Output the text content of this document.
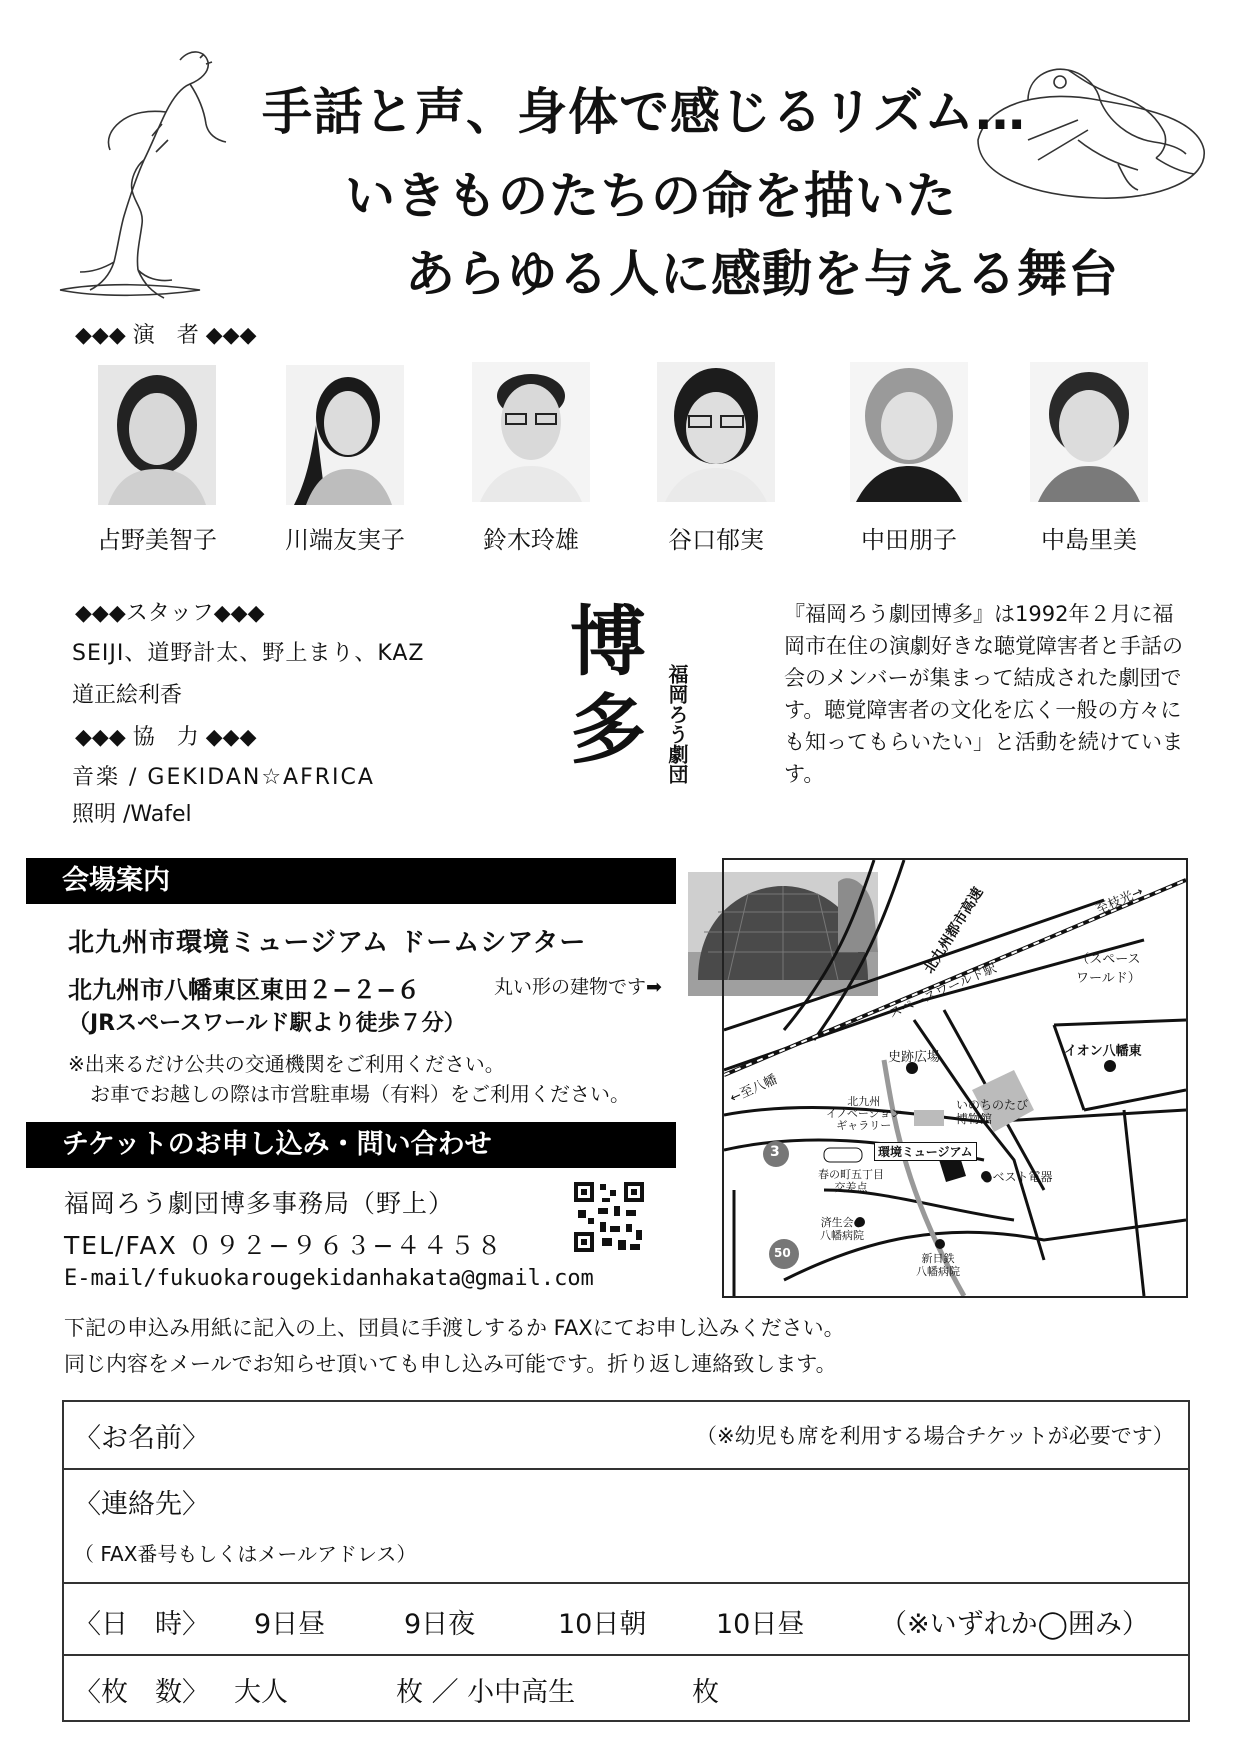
手話と声、身体で感じるリズム…
いきものたちの命を描いた
あらゆる人に感動を与える舞台
◆◆◆ 演　者 ◆◆◆
占野美智子	川端友実子	鈴木玲雄	谷口郁実	中田朋子	中島里美
◆◆◆スタッフ◆◆◆
SEIJI、道野計太、野上まり、KAZ
道正絵利香
◆◆◆ 協　力 ◆◆◆
音楽 / GEKIDAN☆AFRICA
照明 /Wafel
博多	福岡ろう劇団
『福岡ろう劇団博多』は1992年２月に福岡市在住の演劇好きな聴覚障害者と手話の会のメンバーが集まって結成された劇団です。聴覚障害者の文化を広く一般の方々にも知ってもらいたい」と活動を続けています。
会場案内
北九州市環境ミュージアム ドームシアター
北九州市八幡東区東田２−２−６	丸い形の建物です➡
（JRスペースワールド駅より徒歩７分）
※出来るだけ公共の交通機関をご利用ください。
お車でお越しの際は市営駐車場（有料）をご利用ください。
北九州都市高速
スペースワールド駅
至枝光→
（スペース
ワールド）
←至八幡
史跡広場	イオン八幡東
北九州
イノベーション
ギャラリー
いのちのたび
博物館
3	環境ミュージアム
春の町五丁目
交差点
●ベスト電器
済生会●
八幡病院
50	新日鉄
八幡病院
チケットのお申し込み・問い合わせ
福岡ろう劇団博多事務局（野上）
TEL/FAX ０９２−９６３−４４５８
E-mail/fukuokarougekidanhakata@gmail.com
下記の申込み用紙に記入の上、団員に手渡しするか FAXにてお申し込みください。
同じ内容をメールでお知らせ頂いても申し込み可能です。折り返し連絡致します。
〈お名前〉	（※幼児も席を利用する場合チケットが必要です）
〈連絡先〉
（ FAX番号もしくはメールアドレス）
〈日　時〉 9日昼	9日夜	10日朝	10日昼	（※いずれか◯囲み）
〈枚　数〉 大人	枚 ／ 小中高生	枚
